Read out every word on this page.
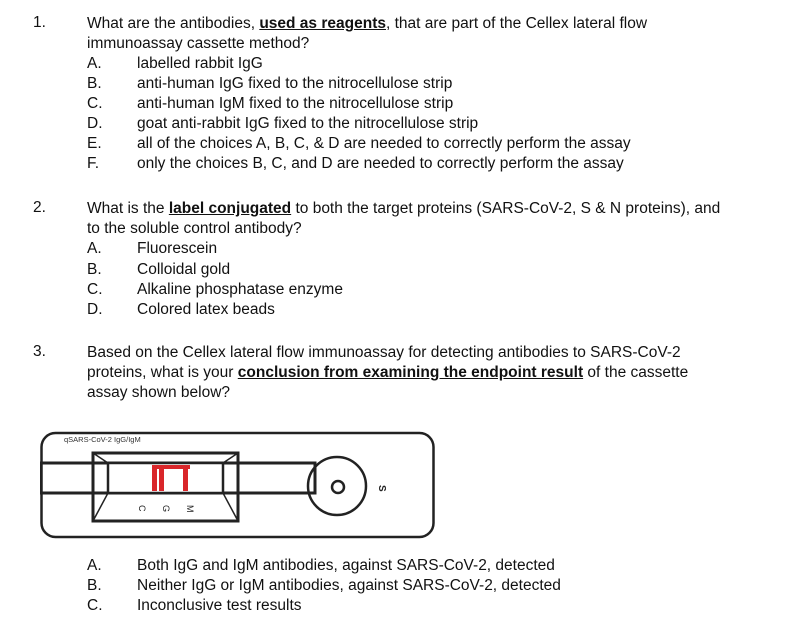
1.	What are the antibodies, used as reagents, that are part of the Cellex lateral flow immunoassay cassette method?
A. labelled rabbit IgG
B. anti-human IgG fixed to the nitrocellulose strip
C. anti-human IgM fixed to the nitrocellulose strip
D. goat anti-rabbit IgG fixed to the nitrocellulose strip
E. all of the choices A, B, C, & D are needed to correctly perform the assay
F. only the choices B, C, and D are needed to correctly perform the assay
2.	What is the label conjugated to both the target proteins (SARS-CoV-2, S & N proteins), and to the soluble control antibody?
A. Fluorescein
B. Colloidal gold
C. Alkaline phosphatase enzyme
D. Colored latex beads
3.	Based on the Cellex lateral flow immunoassay for detecting antibodies to SARS-CoV-2 proteins, what is your conclusion from examining the endpoint result of the cassette assay shown below?
qSARS-CoV-2 IgG/IgM
C G M
S
A. Both IgG and IgM antibodies, against SARS-CoV-2, detected
B. Neither IgG or IgM antibodies, against SARS-CoV-2, detected
C. Inconclusive test results
